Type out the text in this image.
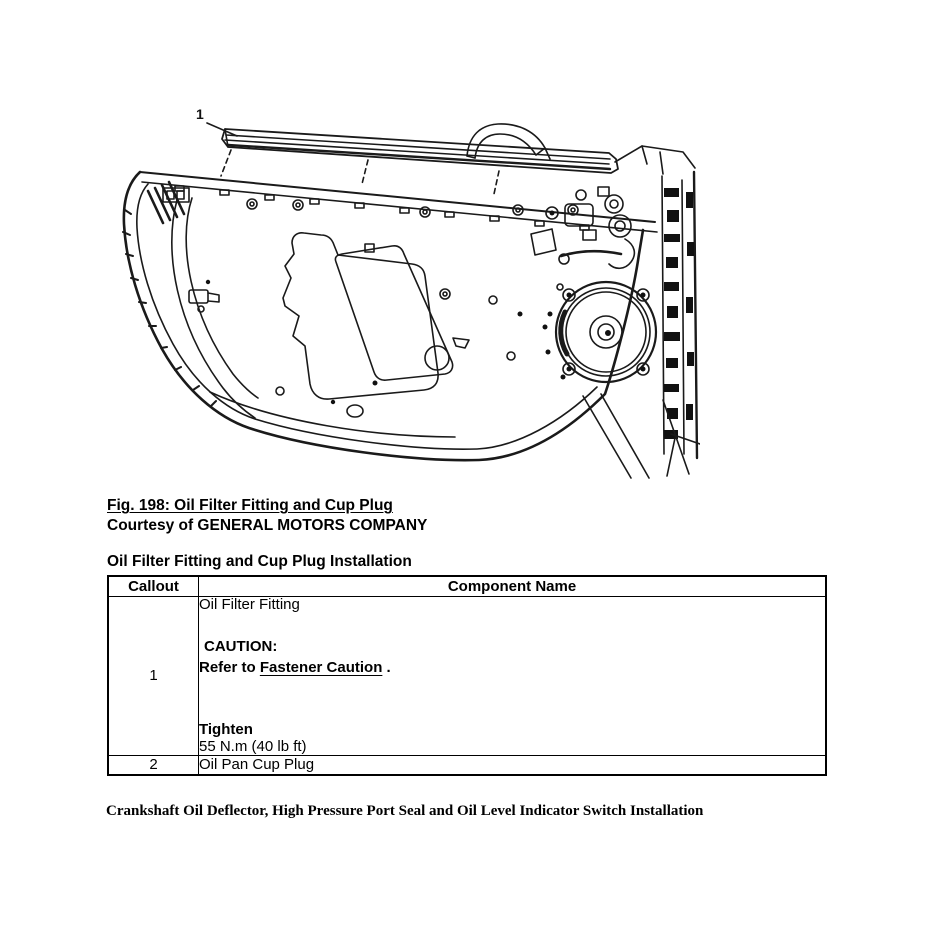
1
Fig. 198: Oil Filter Fitting and Cup Plug
Courtesy of GENERAL MOTORS COMPANY
Oil Filter Fitting and Cup Plug Installation
Callout	Component Name
1	Oil Filter Fitting
CAUTION:
Refer to Fastener Caution .
Tighten
55 N.m (40 lb ft)

2	Oil Pan Cup Plug
Crankshaft Oil Deflector, High Pressure Port Seal and Oil Level Indicator Switch Installation
